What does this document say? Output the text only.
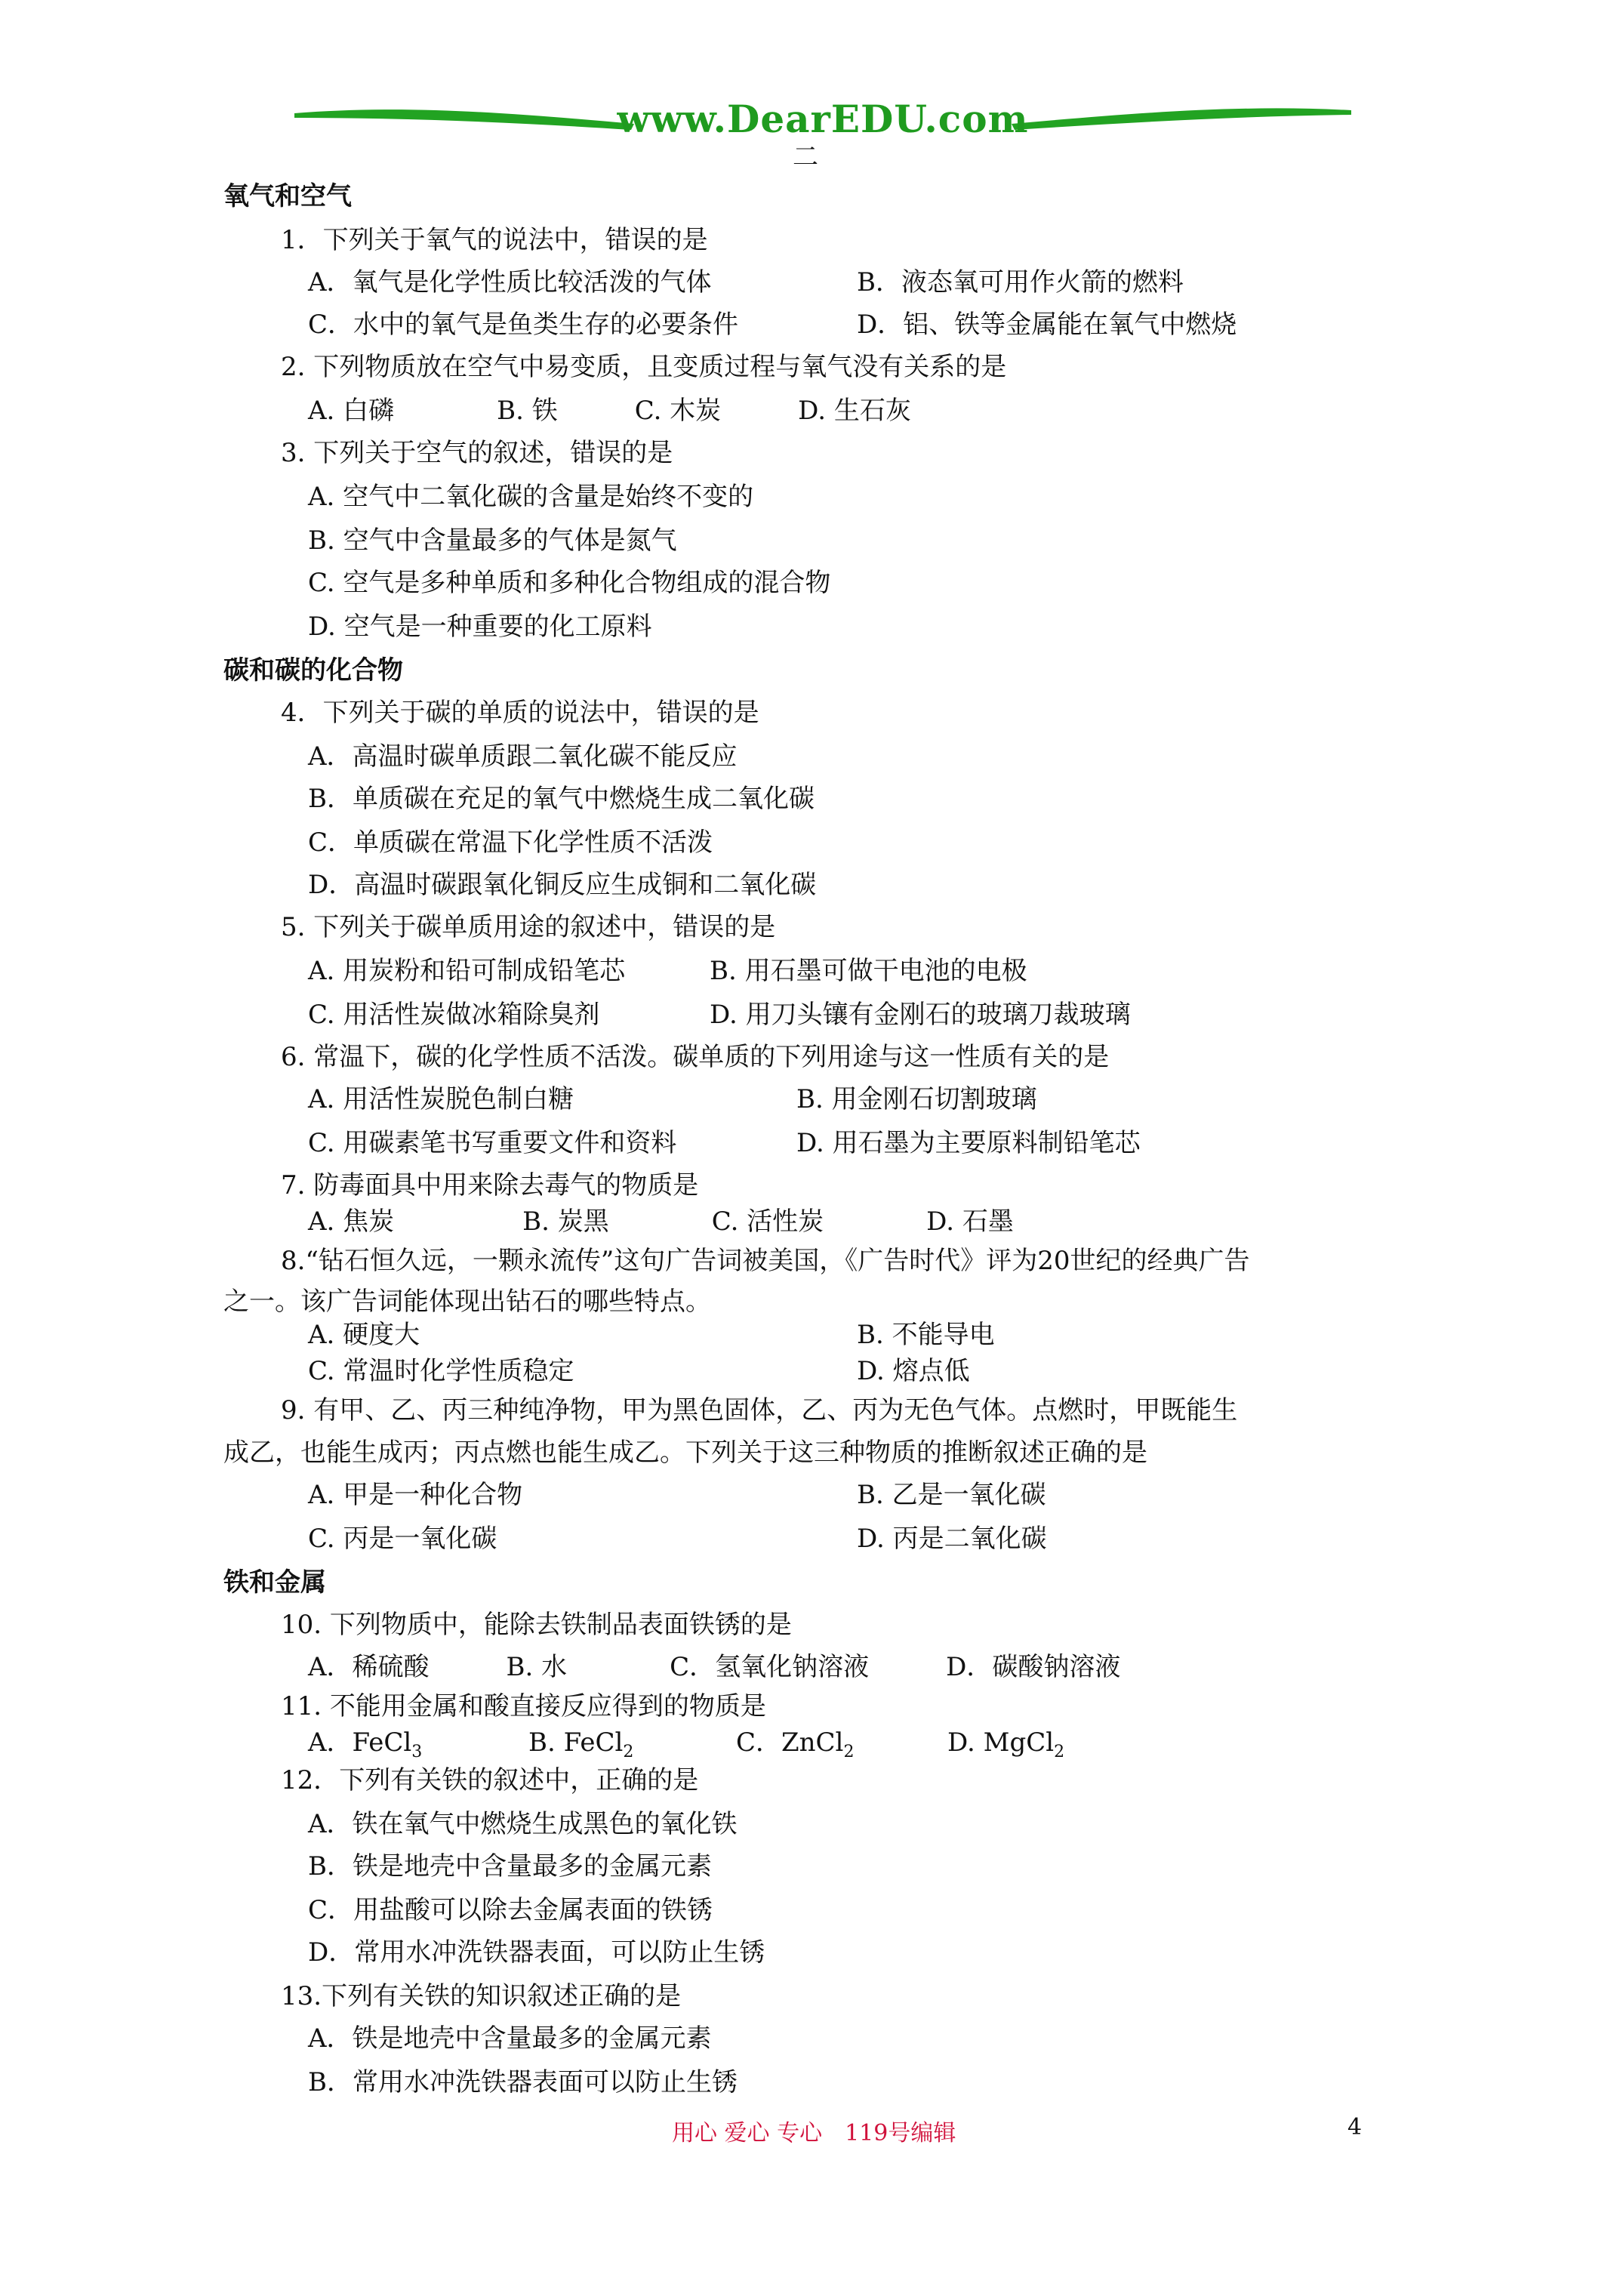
www.DearEDU.com
二
氧气和空气
1．下列关于氧气的说法中，错误的是
A．氧气是化学性质比较活泼的气体	B．液态氧可用作火箭的燃料
C．水中的氧气是鱼类生存的必要条件	D．铝、铁等金属能在氧气中燃烧
2. 下列物质放在空气中易变质，且变质过程与氧气没有关系的是
A. 白磷　　　　B. 铁　　　C. 木炭　　　D. 生石灰
3. 下列关于空气的叙述，错误的是
A. 空气中二氧化碳的含量是始终不变的
B. 空气中含量最多的气体是氮气
C. 空气是多种单质和多种化合物组成的混合物
D. 空气是一种重要的化工原料
碳和碳的化合物
4．下列关于碳的单质的说法中，错误的是
A．高温时碳单质跟二氧化碳不能反应
B．单质碳在充足的氧气中燃烧生成二氧化碳
C．单质碳在常温下化学性质不活泼
D．高温时碳跟氧化铜反应生成铜和二氧化碳
5. 下列关于碳单质用途的叙述中，错误的是
A. 用炭粉和铅可制成铅笔芯	B. 用石墨可做干电池的电极
C. 用活性炭做冰箱除臭剂	D. 用刀头镶有金刚石的玻璃刀裁玻璃
6. 常温下，碳的化学性质不活泼。碳单质的下列用途与这一性质有关的是
A. 用活性炭脱色制白糖	B. 用金刚石切割玻璃
C. 用碳素笔书写重要文件和资料	D. 用石墨为主要原料制铅笔芯
7. 防毒面具中用来除去毒气的物质是
A. 焦炭　　　　　B. 炭黑　　　　C. 活性炭　　　　D. 石墨
8.“钻石恒久远，一颗永流传”这句广告词被美国，《广告时代》评为20世纪的经典广告
之一。该广告词能体现出钻石的哪些特点。
A. 硬度大	B. 不能导电
C. 常温时化学性质稳定	D. 熔点低
9. 有甲、乙、丙三种纯净物，甲为黑色固体，乙、丙为无色气体。点燃时，甲既能生
成乙，也能生成丙；丙点燃也能生成乙。下列关于这三种物质的推断叙述正确的是
A. 甲是一种化合物	B. 乙是一氧化碳
C. 丙是一氧化碳	D. 丙是二氧化碳
铁和金属
10. 下列物质中，能除去铁制品表面铁锈的是
A．稀硫酸　　　B. 水　　　　C．氢氧化钠溶液　　　D．碳酸钠溶液
11. 不能用金属和酸直接反应得到的物质是
A．FeCl$_3$	B. FeCl$_2$	C．ZnCl$_2$	D. MgCl$_2$
12．下列有关铁的叙述中，正确的是
A．铁在氧气中燃烧生成黑色的氧化铁
B．铁是地壳中含量最多的金属元素
C．用盐酸可以除去金属表面的铁锈
D．常用水冲洗铁器表面，可以防止生锈
13.下列有关铁的知识叙述正确的是
A．铁是地壳中含量最多的金属元素
B．常用水冲洗铁器表面可以防止生锈
用心 爱心 专心　119号编辑	4
